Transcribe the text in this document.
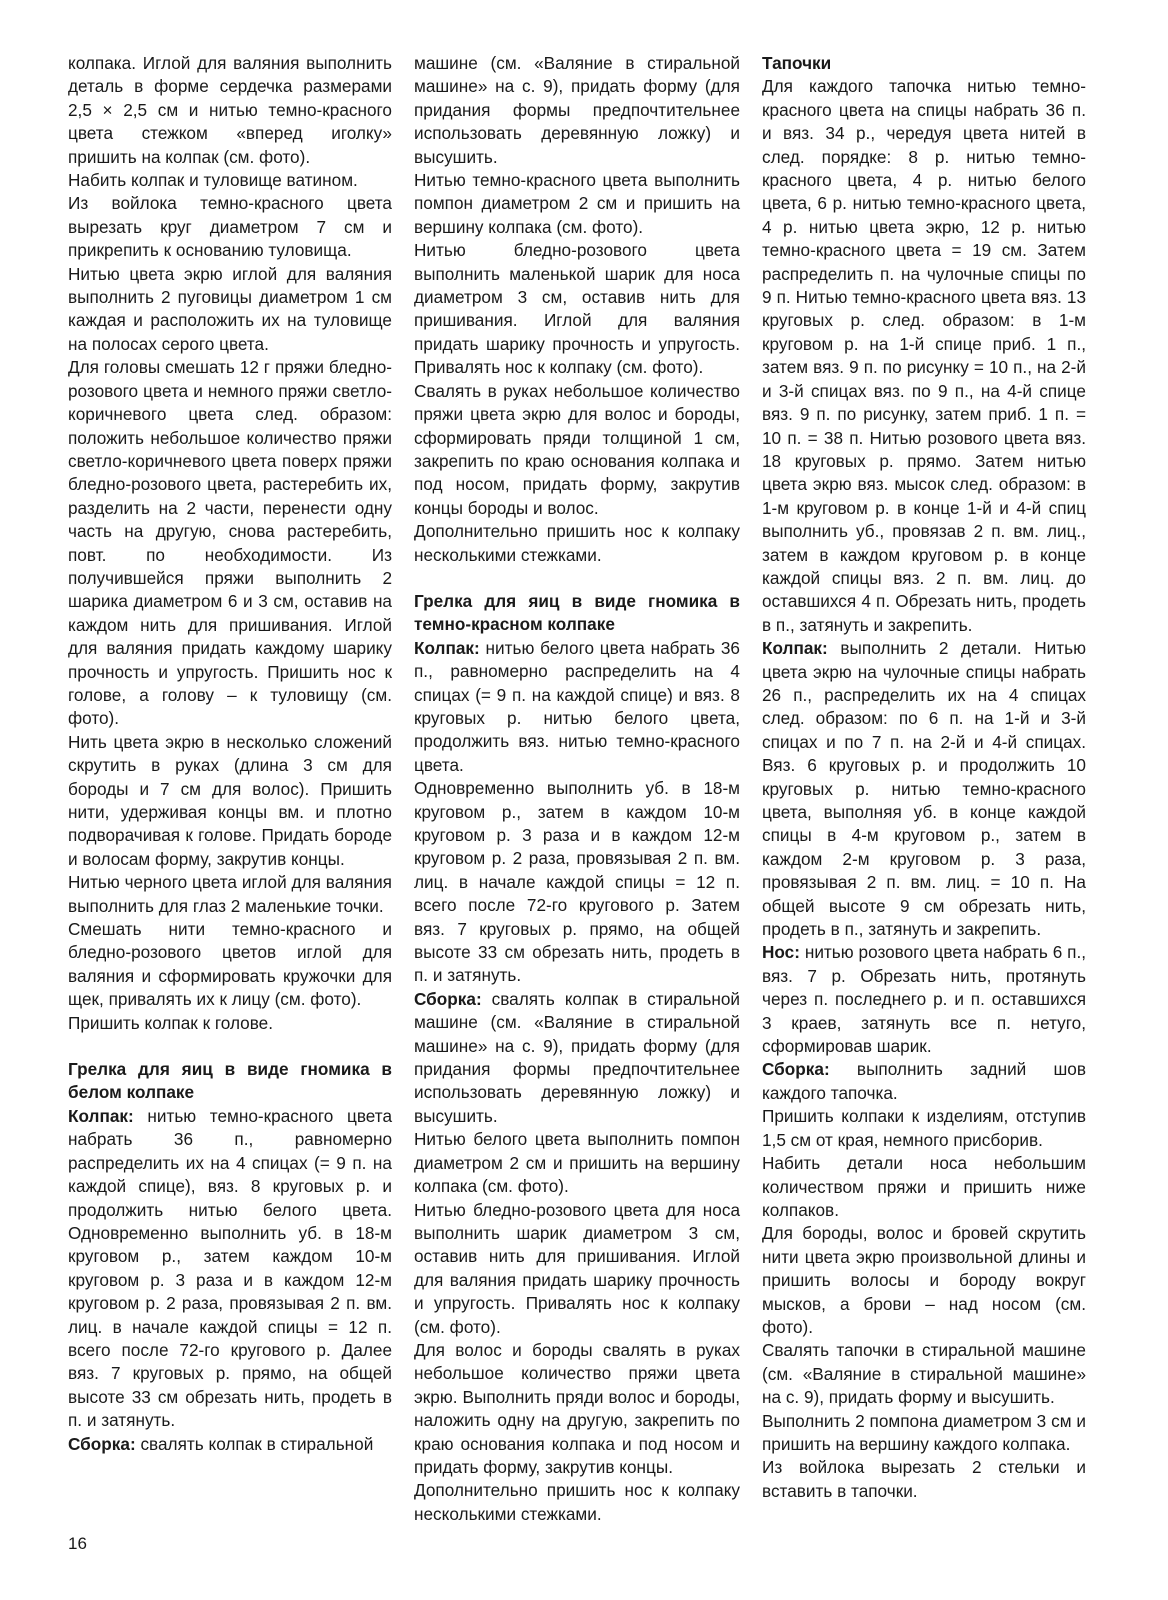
колпака. Иглой для валяния выполнить деталь в форме сердечка размерами 2,5 × 2,5 см и нитью темно-красного цвета стежком «вперед иголку» пришить на колпак (см. фото).

Набить колпак и туловище ватином.

Из войлока темно-красного цвета вырезать круг диаметром 7 см и прикрепить к основанию туловища.

Нитью цвета экрю иглой для валяния выполнить 2 пуговицы диаметром 1 см каждая и расположить их на туловище на полосах серого цвета.

Для головы смешать 12 г пряжи бледно-розового цвета и немного пряжи светло-коричневого цвета след. образом: положить небольшое количество пряжи светло-коричневого цвета поверх пряжи бледно-розового цвета, растеребить их, разделить на 2 части, перенести одну часть на другую, снова растеребить, повт. по необходимости. Из получившейся пряжи выполнить 2 шарика диаметром 6 и 3 см, оставив на каждом нить для пришивания. Иглой для валяния придать каждому шарику прочность и упругость. Пришить нос к голове, а голову – к туловищу (см. фото).

Нить цвета экрю в несколько сложений скрутить в руках (длина 3 см для бороды и 7 см для волос). Пришить нити, удерживая концы вм. и плотно подворачивая к голове. Придать бороде и волосам форму, закрутив концы.

Нитью черного цвета иглой для валяния выполнить для глаз 2 маленькие точки.

Смешать нити темно-красного и бледно-розового цветов иглой для валяния и сформировать кружочки для щек, привалять их к лицу (см. фото).

Пришить колпак к голове.

Грелка для яиц в виде гномика в белом колпаке

Колпак: нитью темно-красного цвета набрать 36 п., равномерно распределить их на 4 спицах (= 9 п. на каждой спице), вяз. 8 круговых р. и продолжить нитью белого цвета. Одновременно выполнить уб. в 18-м круговом р., затем каждом 10-м круговом р. 3 раза и в каждом 12-м круговом р. 2 раза, провязывая 2 п. вм. лиц. в начале каждой спицы = 12 п. всего после 72-го кругового р. Далее вяз. 7 круговых р. прямо, на общей высоте 33 см обрезать нить, продеть в п. и затянуть.

Сборка: свалять колпак в стиральной

машине (см. «Валяние в стиральной машине» на с. 9), придать форму (для придания формы предпочтительнее использовать деревянную ложку) и высушить.

Нитью темно-красного цвета выполнить помпон диаметром 2 см и пришить на вершину колпака (см. фото).

Нитью бледно-розового цвета выполнить маленькой шарик для носа диаметром 3 см, оставив нить для пришивания. Иглой для валяния придать шарику прочность и упругость. Привалять нос к колпаку (см. фото).

Свалять в руках небольшое количество пряжи цвета экрю для волос и бороды, сформировать пряди толщиной 1 см, закрепить по краю основания колпака и под носом, придать форму, закрутив концы бороды и волос.

Дополнительно пришить нос к колпаку несколькими стежками.

Грелка для яиц в виде гномика в темно-красном колпаке

Колпак: нитью белого цвета набрать 36 п., равномерно распределить на 4 спицах (= 9 п. на каждой спице) и вяз. 8 круговых р. нитью белого цвета, продолжить вяз. нитью темно-красного цвета.

Одновременно выполнить уб. в 18-м круговом р., затем в каждом 10-м круговом р. 3 раза и в каждом 12-м круговом р. 2 раза, провязывая 2 п. вм. лиц. в начале каждой спицы = 12 п. всего после 72-го кругового р. Затем вяз. 7 круговых р. прямо, на общей высоте 33 см обрезать нить, продеть в п. и затянуть.

Сборка: свалять колпак в стиральной машине (см. «Валяние в стиральной машине» на с. 9), придать форму (для придания формы предпочтительнее использовать деревянную ложку) и высушить.

Нитью белого цвета выполнить помпон диаметром 2 см и пришить на вершину колпака (см. фото).

Нитью бледно-розового цвета для носа выполнить шарик диаметром 3 см, оставив нить для пришивания. Иглой для валяния придать шарику прочность и упругость. Привалять нос к колпаку (см. фото).

Для волос и бороды свалять в руках небольшое количество пряжи цвета экрю. Выполнить пряди волос и бороды, наложить одну на другую, закрепить по краю основания колпака и под носом и придать форму, закрутив концы.

Дополнительно пришить нос к колпаку несколькими стежками.

Тапочки

Для каждого тапочка нитью темно-красного цвета на спицы набрать 36 п. и вяз. 34 р., чередуя цвета нитей в след. порядке: 8 р. нитью темно-красного цвета, 4 р. нитью белого цвета, 6 р. нитью темно-красного цвета, 4 р. нитью цвета экрю, 12 р. нитью темно-красного цвета = 19 см. Затем распределить п. на чулочные спицы по 9 п. Нитью темно-красного цвета вяз. 13 круговых р. след. образом: в 1-м круговом р. на 1-й спице приб. 1 п., затем вяз. 9 п. по рисунку = 10 п., на 2-й и 3-й спицах вяз. по 9 п., на 4-й спице вяз. 9 п. по рисунку, затем приб. 1 п. = 10 п. = 38 п. Нитью розового цвета вяз. 18 круговых р. прямо. Затем нитью цвета экрю вяз. мысок след. образом: в 1-м круговом р. в конце 1-й и 4-й спиц выполнить уб., провязав 2 п. вм. лиц., затем в каждом круговом р. в конце каждой спицы вяз. 2 п. вм. лиц. до оставшихся 4 п. Обрезать нить, продеть в п., затянуть и закрепить.

Колпак: выполнить 2 детали. Нитью цвета экрю на чулочные спицы набрать 26 п., распределить их на 4 спицах след. образом: по 6 п. на 1-й и 3-й спицах и по 7 п. на 2-й и 4-й спицах. Вяз. 6 круговых р. и продолжить 10 круговых р. нитью темно-красного цвета, выполняя уб. в конце каждой спицы в 4-м круговом р., затем в каждом 2-м круговом р. 3 раза, провязывая 2 п. вм. лиц. = 10 п. На общей высоте 9 см обрезать нить, продеть в п., затянуть и закрепить.

Нос: нитью розового цвета набрать 6 п., вяз. 7 р. Обрезать нить, протянуть через п. последнего р. и п. оставшихся 3 краев, затянуть все п. нетуго, сформировав шарик.

Сборка: выполнить задний шов каждого тапочка.

Пришить колпаки к изделиям, отступив 1,5 см от края, немного присборив.

Набить детали носа небольшим количеством пряжи и пришить ниже колпаков.

Для бороды, волос и бровей скрутить нити цвета экрю произвольной длины и пришить волосы и бороду вокруг мысков, а брови – над носом (см. фото).

Свалять тапочки в стиральной машине (см. «Валяние в стиральной машине» на с. 9), придать форму и высушить.

Выполнить 2 помпона диаметром 3 см и пришить на вершину каждого колпака.

Из войлока вырезать 2 стельки и вставить в тапочки.

16
